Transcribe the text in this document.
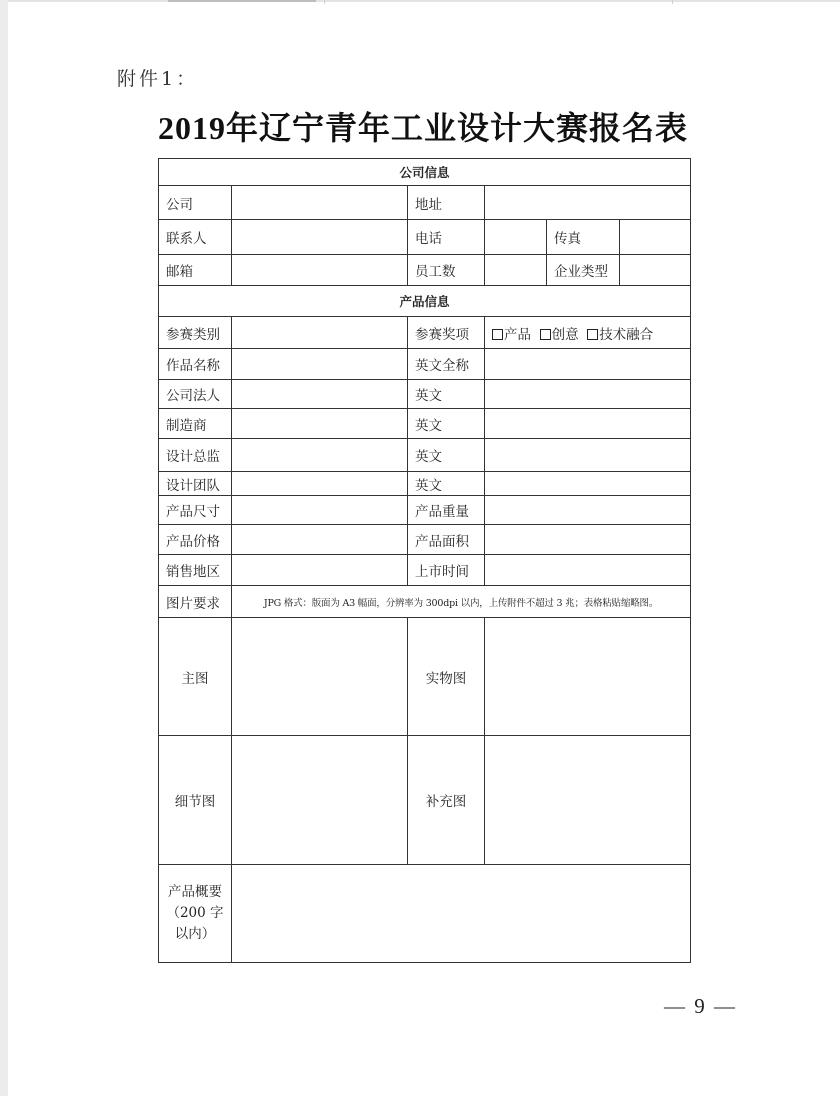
附件1：
2019年辽宁青年工业设计大赛报名表
公司信息					
公司		地址			
联系人		电话		传真	
邮箱		员工数		企业类型	
产品信息					
参赛类别		参赛奖项	产品 创意 技术融合		
作品名称		英文全称			
公司法人		英文			
制造商		英文			
设计总监		英文			
设计团队		英文			
产品尺寸		产品重量			
产品价格		产品面积			
销售地区		上市时间			
图片要求	JPG 格式：版面为 A3 幅面，分辨率为 300dpi 以内，上传附件不超过 3 兆；表格粘贴缩略图。				
主图		实物图			
细节图		补充图			

产品概要
（200 字
以内）					

— 9 —
